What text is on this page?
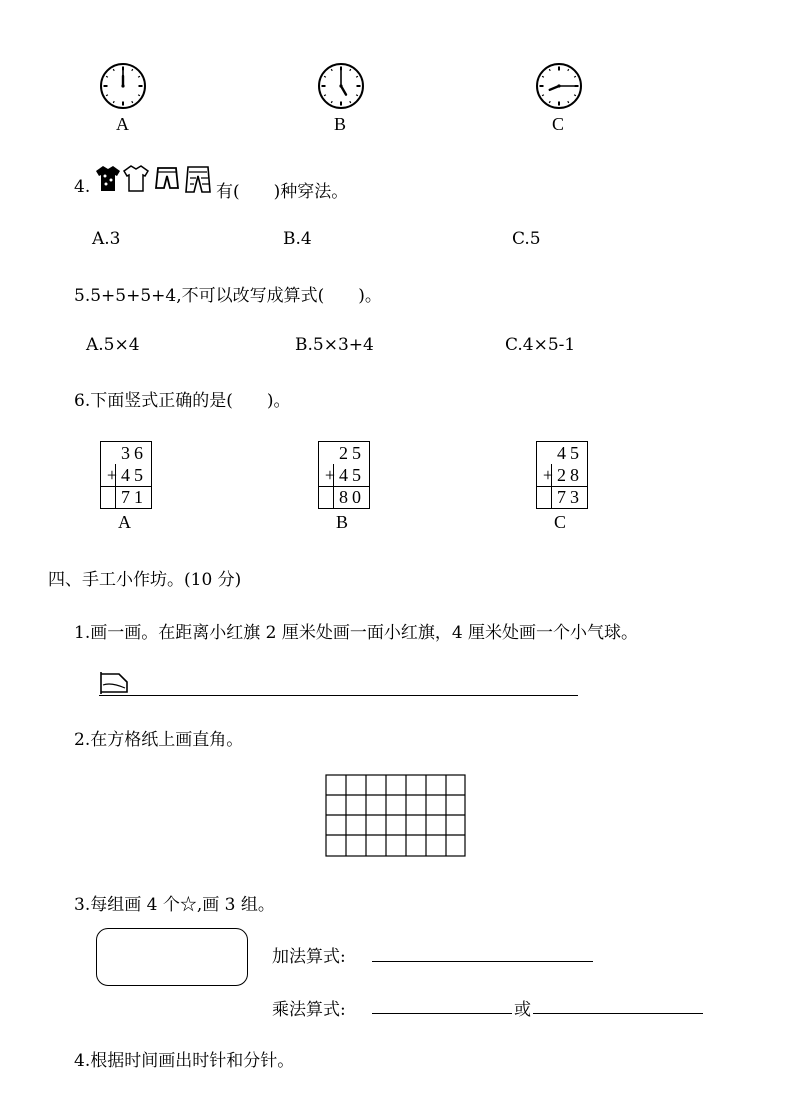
A	B	C
4.	有(　　)种穿法。
A.3	B.4	C.5
5.5+5+5+4,不可以改写成算式(　　)。
A.5×4	B.5×3+4	C.4×5-1
6.下面竖式正确的是(　　)。
36
+45
71
25
+45
80
45
+28
73
A	B	C
四、手工小作坊。(10 分)
1.画一画。在距离小红旗 2 厘米处画一面小红旗，4 厘米处画一个小气球。
2.在方格纸上画直角。
3.每组画 4 个☆,画 3 组。
加法算式:
乘法算式:	或
4.根据时间画出时针和分针。
